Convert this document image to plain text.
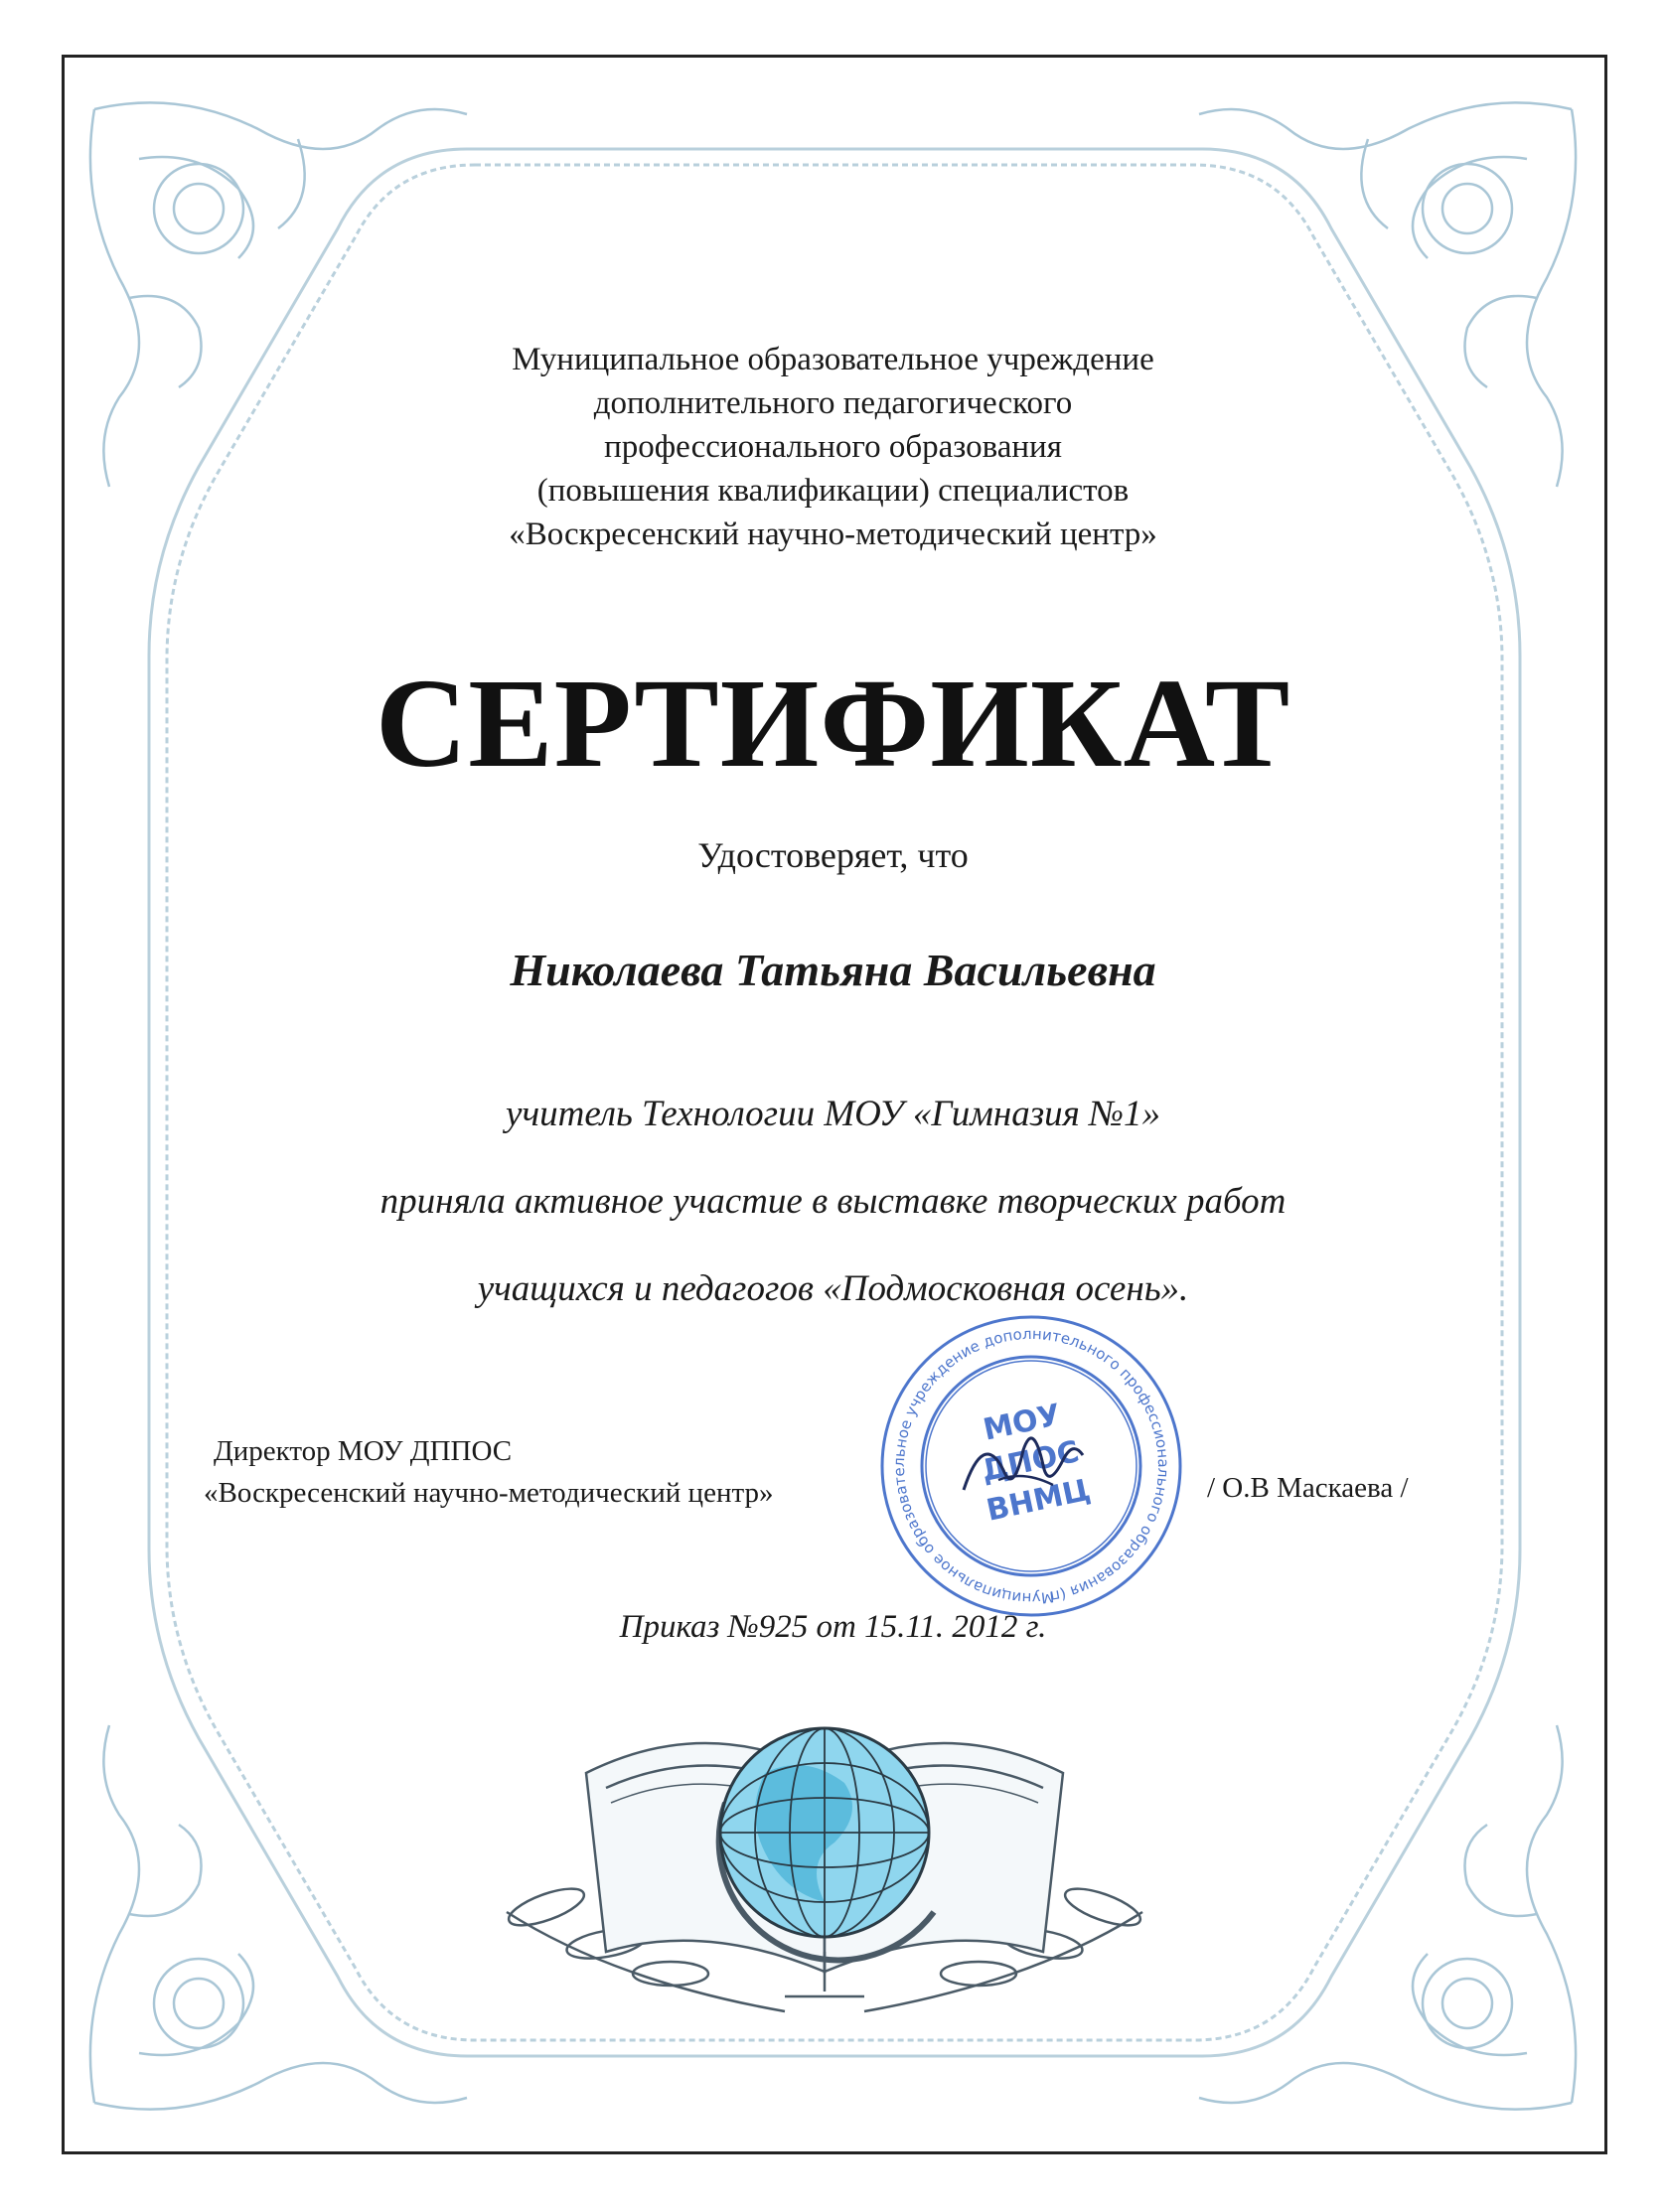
Муниципальное образовательное учреждение
дополнительного педагогического
профессионального образования
(повышения квалификации) специалистов
«Воскресенский научно-методический центр»
СЕРТИФИКАТ
Удостоверяет, что
Николаева Татьяна Васильевна
учитель Технологии МОУ «Гимназия №1»
приняла активное участие в выставке творческих работ
учащихся и педагогов «Подмосковная осень».
Директор МОУ ДППОС
«Воскресенский научно-методический центр»	/ О.В Маскаева /
Муниципальное образовательное учреждение дополнительного профессионального образования (повышения
МОУ
ДПОС
ВНМЦ
Приказ №925 от 15.11. 2012 г.
